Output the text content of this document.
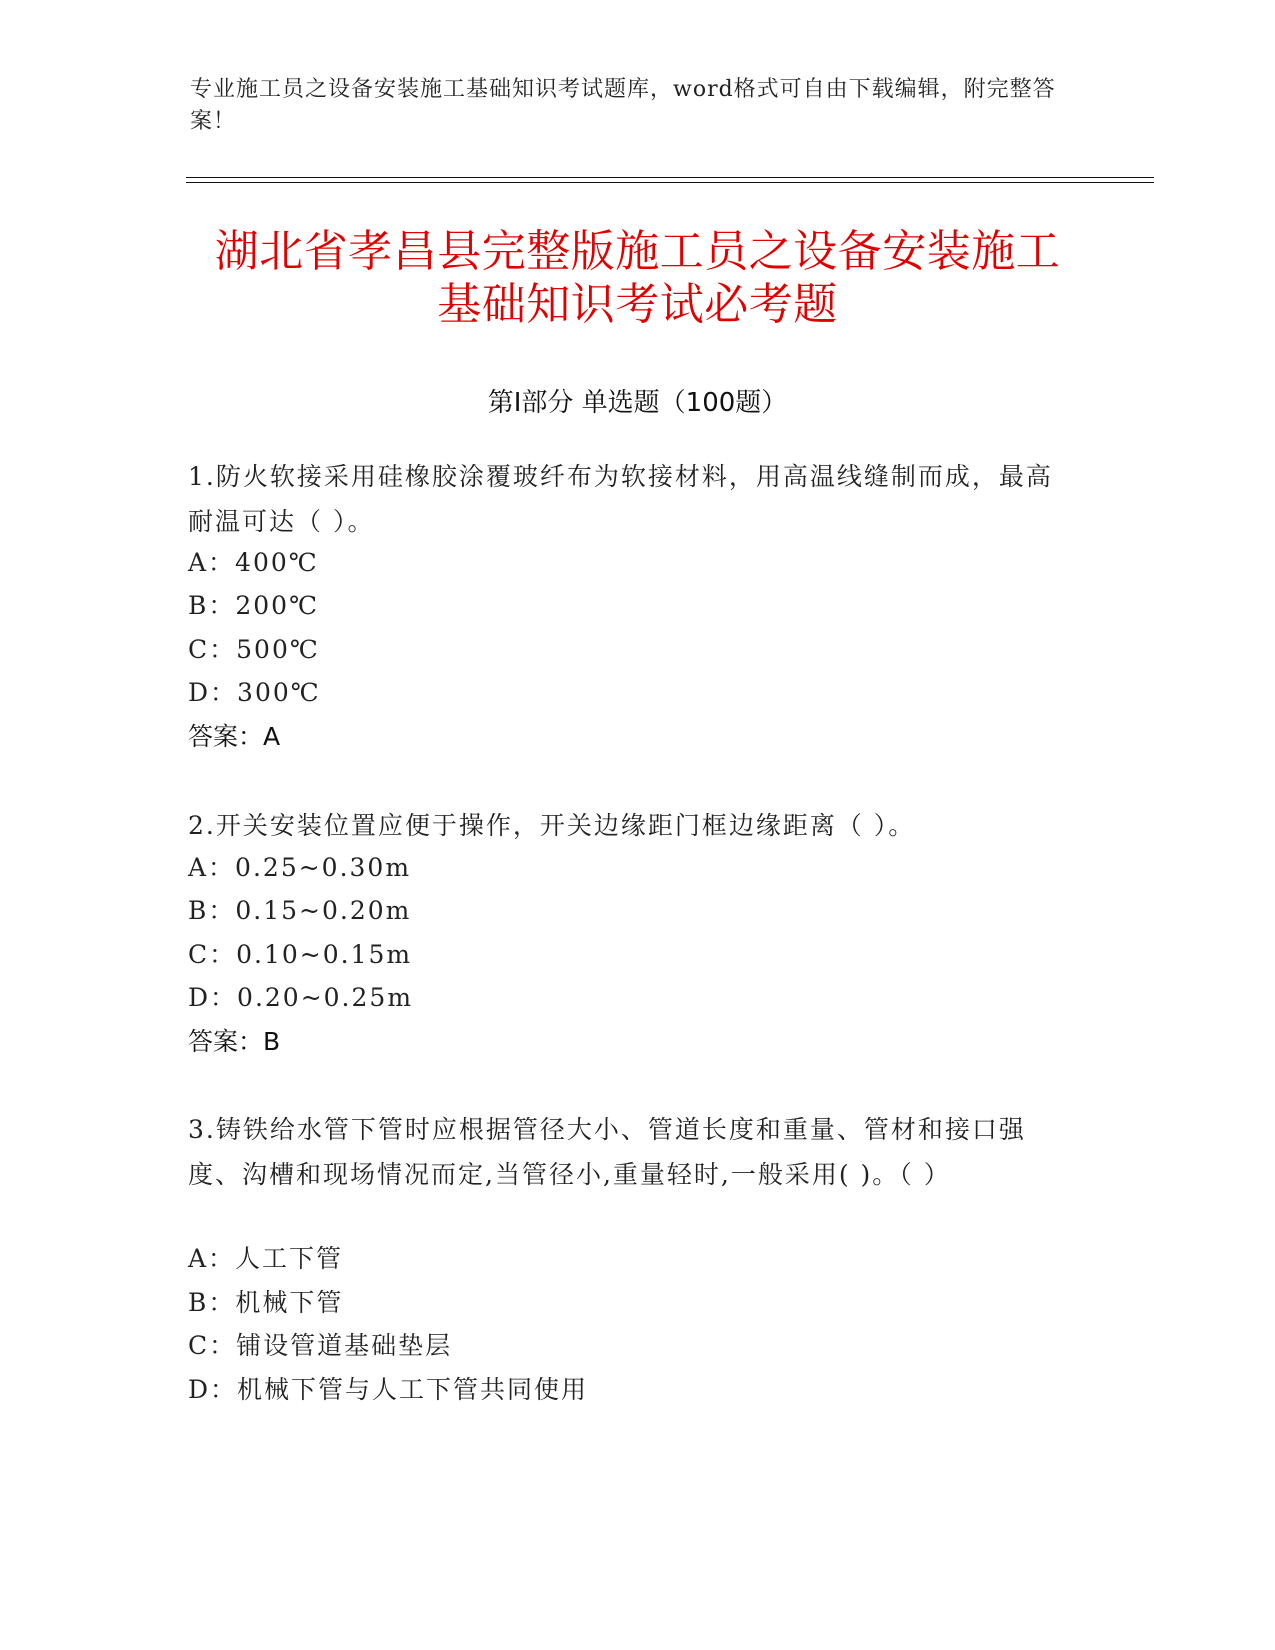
专业施工员之设备安装施工基础知识考试题库，word格式可自由下载编辑，附完整答案！
湖北省孝昌县完整版施工员之设备安装施工
基础知识考试必考题
第Ⅰ部分 单选题（100题）
1.防火软接采用硅橡胶涂覆玻纤布为软接材料，用高温线缝制而成，最高耐温可达（ ）。
A：400℃
B：200℃
C：500℃
D：300℃
答案：A
2.开关安装位置应便于操作，开关边缘距门框边缘距离（ ）。
A：0.25~0.30m
B：0.15~0.20m
C：0.10~0.15m
D：0.20~0.25m
答案：B
3.铸铁给水管下管时应根据管径大小、管道长度和重量、管材和接口强度、沟槽和现场情况而定,当管径小,重量轻时,一般采用( )。（ ）
A：人工下管
B：机械下管
C：铺设管道基础垫层
D：机械下管与人工下管共同使用
